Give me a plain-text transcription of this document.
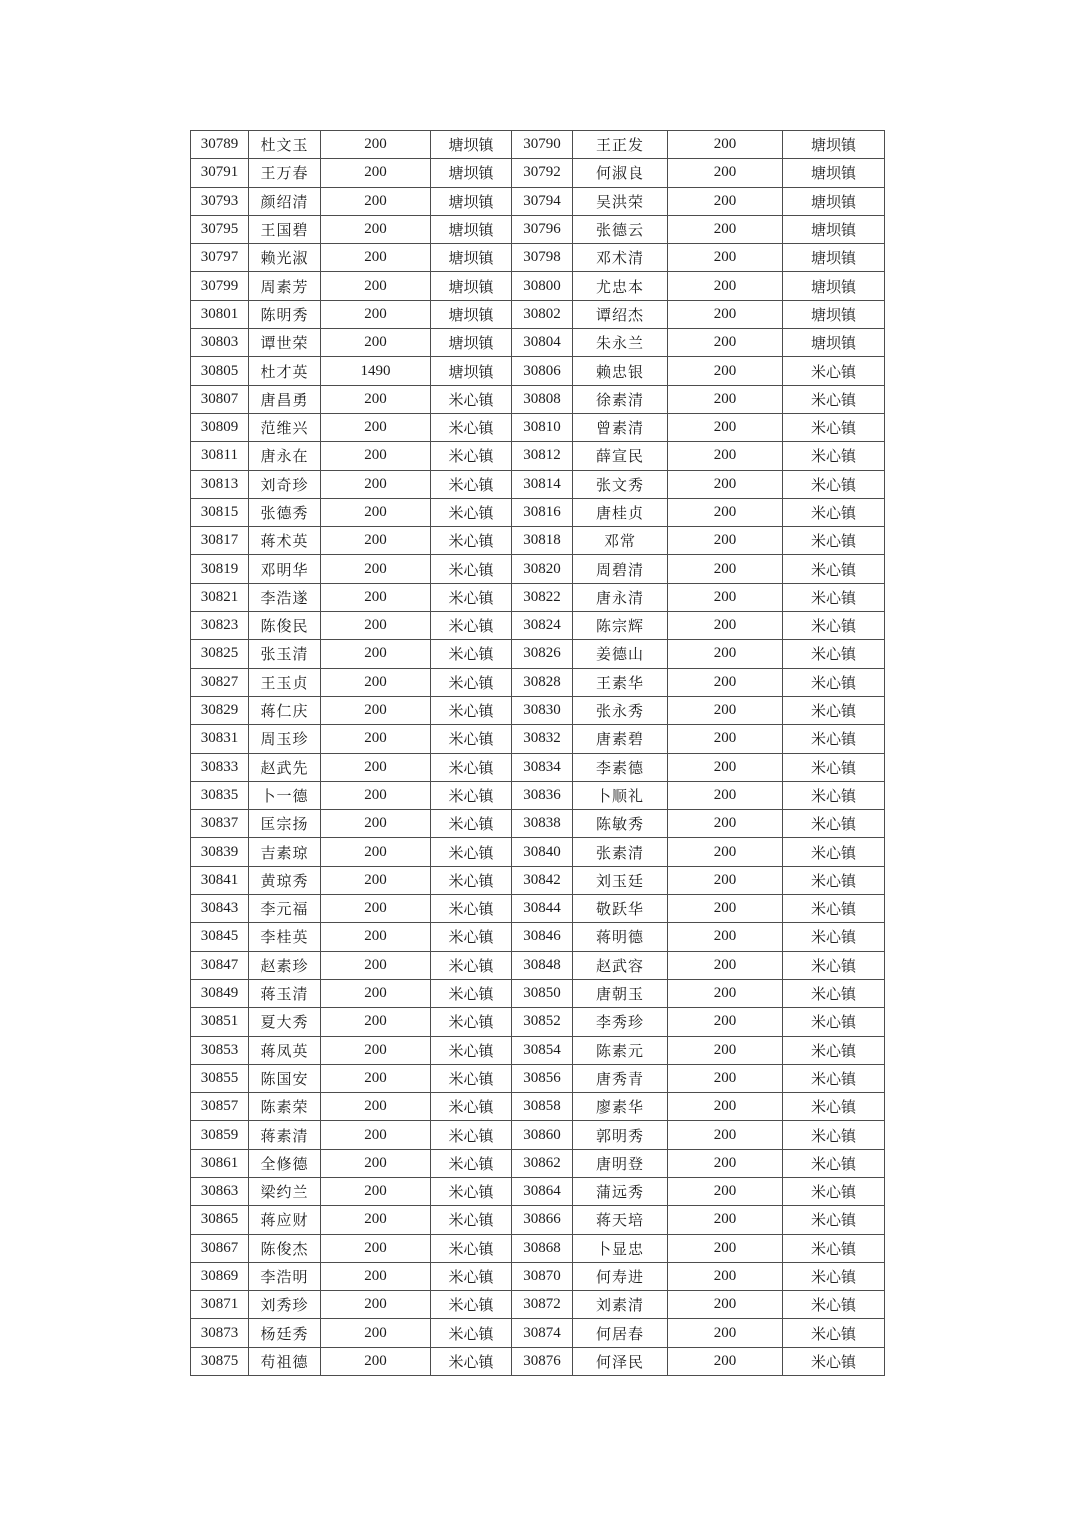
30789	杜文玉	200	塘坝镇	30790	王正发	200	塘坝镇
30791	王万春	200	塘坝镇	30792	何淑良	200	塘坝镇
30793	颜绍清	200	塘坝镇	30794	吴洪荣	200	塘坝镇
30795	王国碧	200	塘坝镇	30796	张德云	200	塘坝镇
30797	赖光淑	200	塘坝镇	30798	邓术清	200	塘坝镇
30799	周素芳	200	塘坝镇	30800	尤忠本	200	塘坝镇
30801	陈明秀	200	塘坝镇	30802	谭绍杰	200	塘坝镇
30803	谭世荣	200	塘坝镇	30804	朱永兰	200	塘坝镇
30805	杜才英	1490	塘坝镇	30806	赖忠银	200	米心镇
30807	唐昌勇	200	米心镇	30808	徐素清	200	米心镇
30809	范维兴	200	米心镇	30810	曾素清	200	米心镇
30811	唐永在	200	米心镇	30812	薛宣民	200	米心镇
30813	刘奇珍	200	米心镇	30814	张文秀	200	米心镇
30815	张德秀	200	米心镇	30816	唐桂贞	200	米心镇
30817	蒋术英	200	米心镇	30818	邓常	200	米心镇
30819	邓明华	200	米心镇	30820	周碧清	200	米心镇
30821	李浩遂	200	米心镇	30822	唐永清	200	米心镇
30823	陈俊民	200	米心镇	30824	陈宗辉	200	米心镇
30825	张玉清	200	米心镇	30826	姜德山	200	米心镇
30827	王玉贞	200	米心镇	30828	王素华	200	米心镇
30829	蒋仁庆	200	米心镇	30830	张永秀	200	米心镇
30831	周玉珍	200	米心镇	30832	唐素碧	200	米心镇
30833	赵武先	200	米心镇	30834	李素德	200	米心镇
30835	卜一德	200	米心镇	30836	卜顺礼	200	米心镇
30837	匡宗扬	200	米心镇	30838	陈敏秀	200	米心镇
30839	吉素琼	200	米心镇	30840	张素清	200	米心镇
30841	黄琼秀	200	米心镇	30842	刘玉廷	200	米心镇
30843	李元福	200	米心镇	30844	敬跃华	200	米心镇
30845	李桂英	200	米心镇	30846	蒋明德	200	米心镇
30847	赵素珍	200	米心镇	30848	赵武容	200	米心镇
30849	蒋玉清	200	米心镇	30850	唐朝玉	200	米心镇
30851	夏大秀	200	米心镇	30852	李秀珍	200	米心镇
30853	蒋凤英	200	米心镇	30854	陈素元	200	米心镇
30855	陈国安	200	米心镇	30856	唐秀青	200	米心镇
30857	陈素荣	200	米心镇	30858	廖素华	200	米心镇
30859	蒋素清	200	米心镇	30860	郭明秀	200	米心镇
30861	全修德	200	米心镇	30862	唐明登	200	米心镇
30863	梁约兰	200	米心镇	30864	蒲远秀	200	米心镇
30865	蒋应财	200	米心镇	30866	蒋天培	200	米心镇
30867	陈俊杰	200	米心镇	30868	卜显忠	200	米心镇
30869	李浩明	200	米心镇	30870	何寿进	200	米心镇
30871	刘秀珍	200	米心镇	30872	刘素清	200	米心镇
30873	杨廷秀	200	米心镇	30874	何居春	200	米心镇
30875	苟祖德	200	米心镇	30876	何泽民	200	米心镇
